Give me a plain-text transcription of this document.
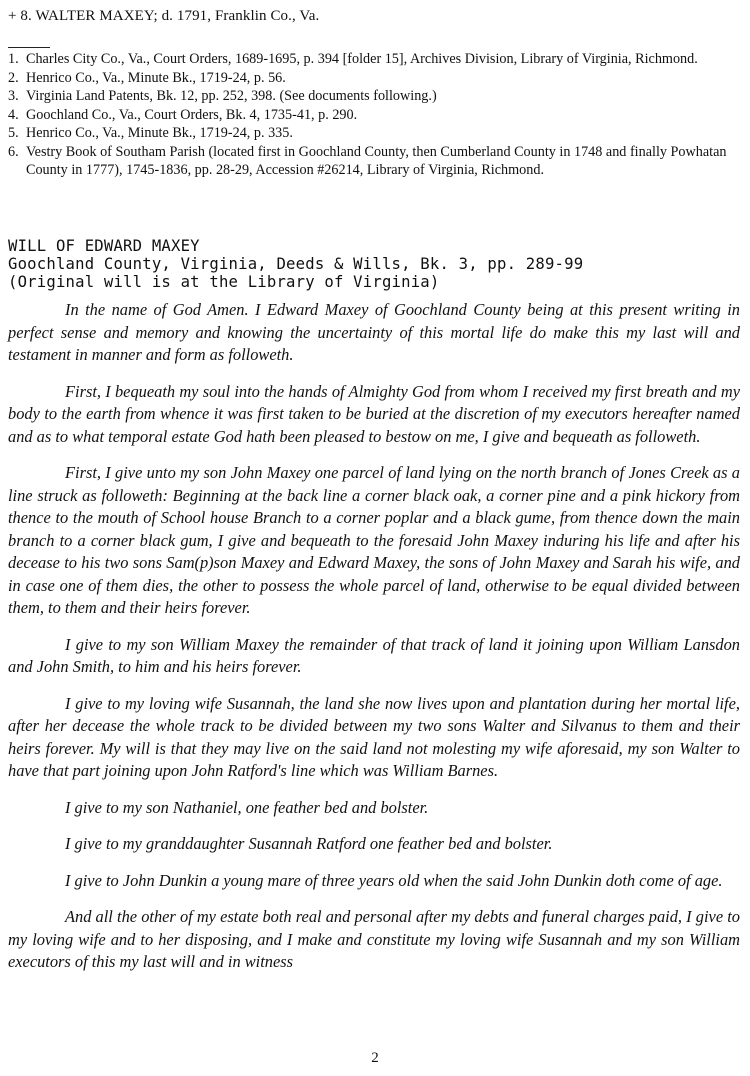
+ 8. WALTER MAXEY; d. 1791, Franklin Co., Va.
1. Charles City Co., Va., Court Orders, 1689-1695, p. 394 [folder 15], Archives Division, Library of Virginia, Richmond.
2. Henrico Co., Va., Minute Bk., 1719-24, p. 56.
3. Virginia Land Patents, Bk. 12, pp. 252, 398. (See documents following.)
4. Goochland Co., Va., Court Orders, Bk. 4, 1735-41, p. 290.
5. Henrico Co., Va., Minute Bk., 1719-24, p. 335.
6. Vestry Book of Southam Parish (located first in Goochland County, then Cumberland County in 1748 and finally Powhatan County in 1777), 1745-1836, pp. 28-29, Accession #26214, Library of Virginia, Richmond.
WILL OF EDWARD MAXEY
Goochland County, Virginia, Deeds & Wills, Bk. 3, pp. 289-99
(Original will is at the Library of Virginia)

In the name of God Amen. I Edward Maxey of Goochland County being at this present writing in perfect sense and memory and knowing the uncertainty of this mortal life do make this my last will and testament in manner and form as followeth.

First, I bequeath my soul into the hands of Almighty God from whom I received my first breath and my body to the earth from whence it was first taken to be buried at the discretion of my executors hereafter named and as to what temporal estate God hath been pleased to bestow on me, I give and bequeath as followeth.

First, I give unto my son John Maxey one parcel of land lying on the north branch of Jones Creek as a line struck as followeth: Beginning at the back line a corner black oak, a corner pine and a pink hickory from thence to the mouth of School house Branch to a corner poplar and a black gume, from thence down the main branch to a corner black gum, I give and bequeath to the foresaid John Maxey induring his life and after his decease to his two sons Sam(p)son Maxey and Edward Maxey, the sons of John Maxey and Sarah his wife, and in case one of them dies, the other to possess the whole parcel of land, otherwise to be equal divided between them, to them and their heirs forever.

I give to my son William Maxey the remainder of that track of land it joining upon William Lansdon and John Smith, to him and his heirs forever.

I give to my loving wife Susannah, the land she now lives upon and plantation during her mortal life, after her decease the whole track to be divided between my two sons Walter and Silvanus to them and their heirs forever. My will is that they may live on the said land not molesting my wife aforesaid, my son Walter to have that part joining upon John Ratford's line which was William Barnes.

I give to my son Nathaniel, one feather bed and bolster.

I give to my granddaughter Susannah Ratford one feather bed and bolster.

I give to John Dunkin a young mare of three years old when the said John Dunkin doth come of age.

And all the other of my estate both real and personal after my debts and funeral charges paid, I give to my loving wife and to her disposing, and I make and constitute my loving wife Susannah and my son William executors of this my last will and in witness

2
